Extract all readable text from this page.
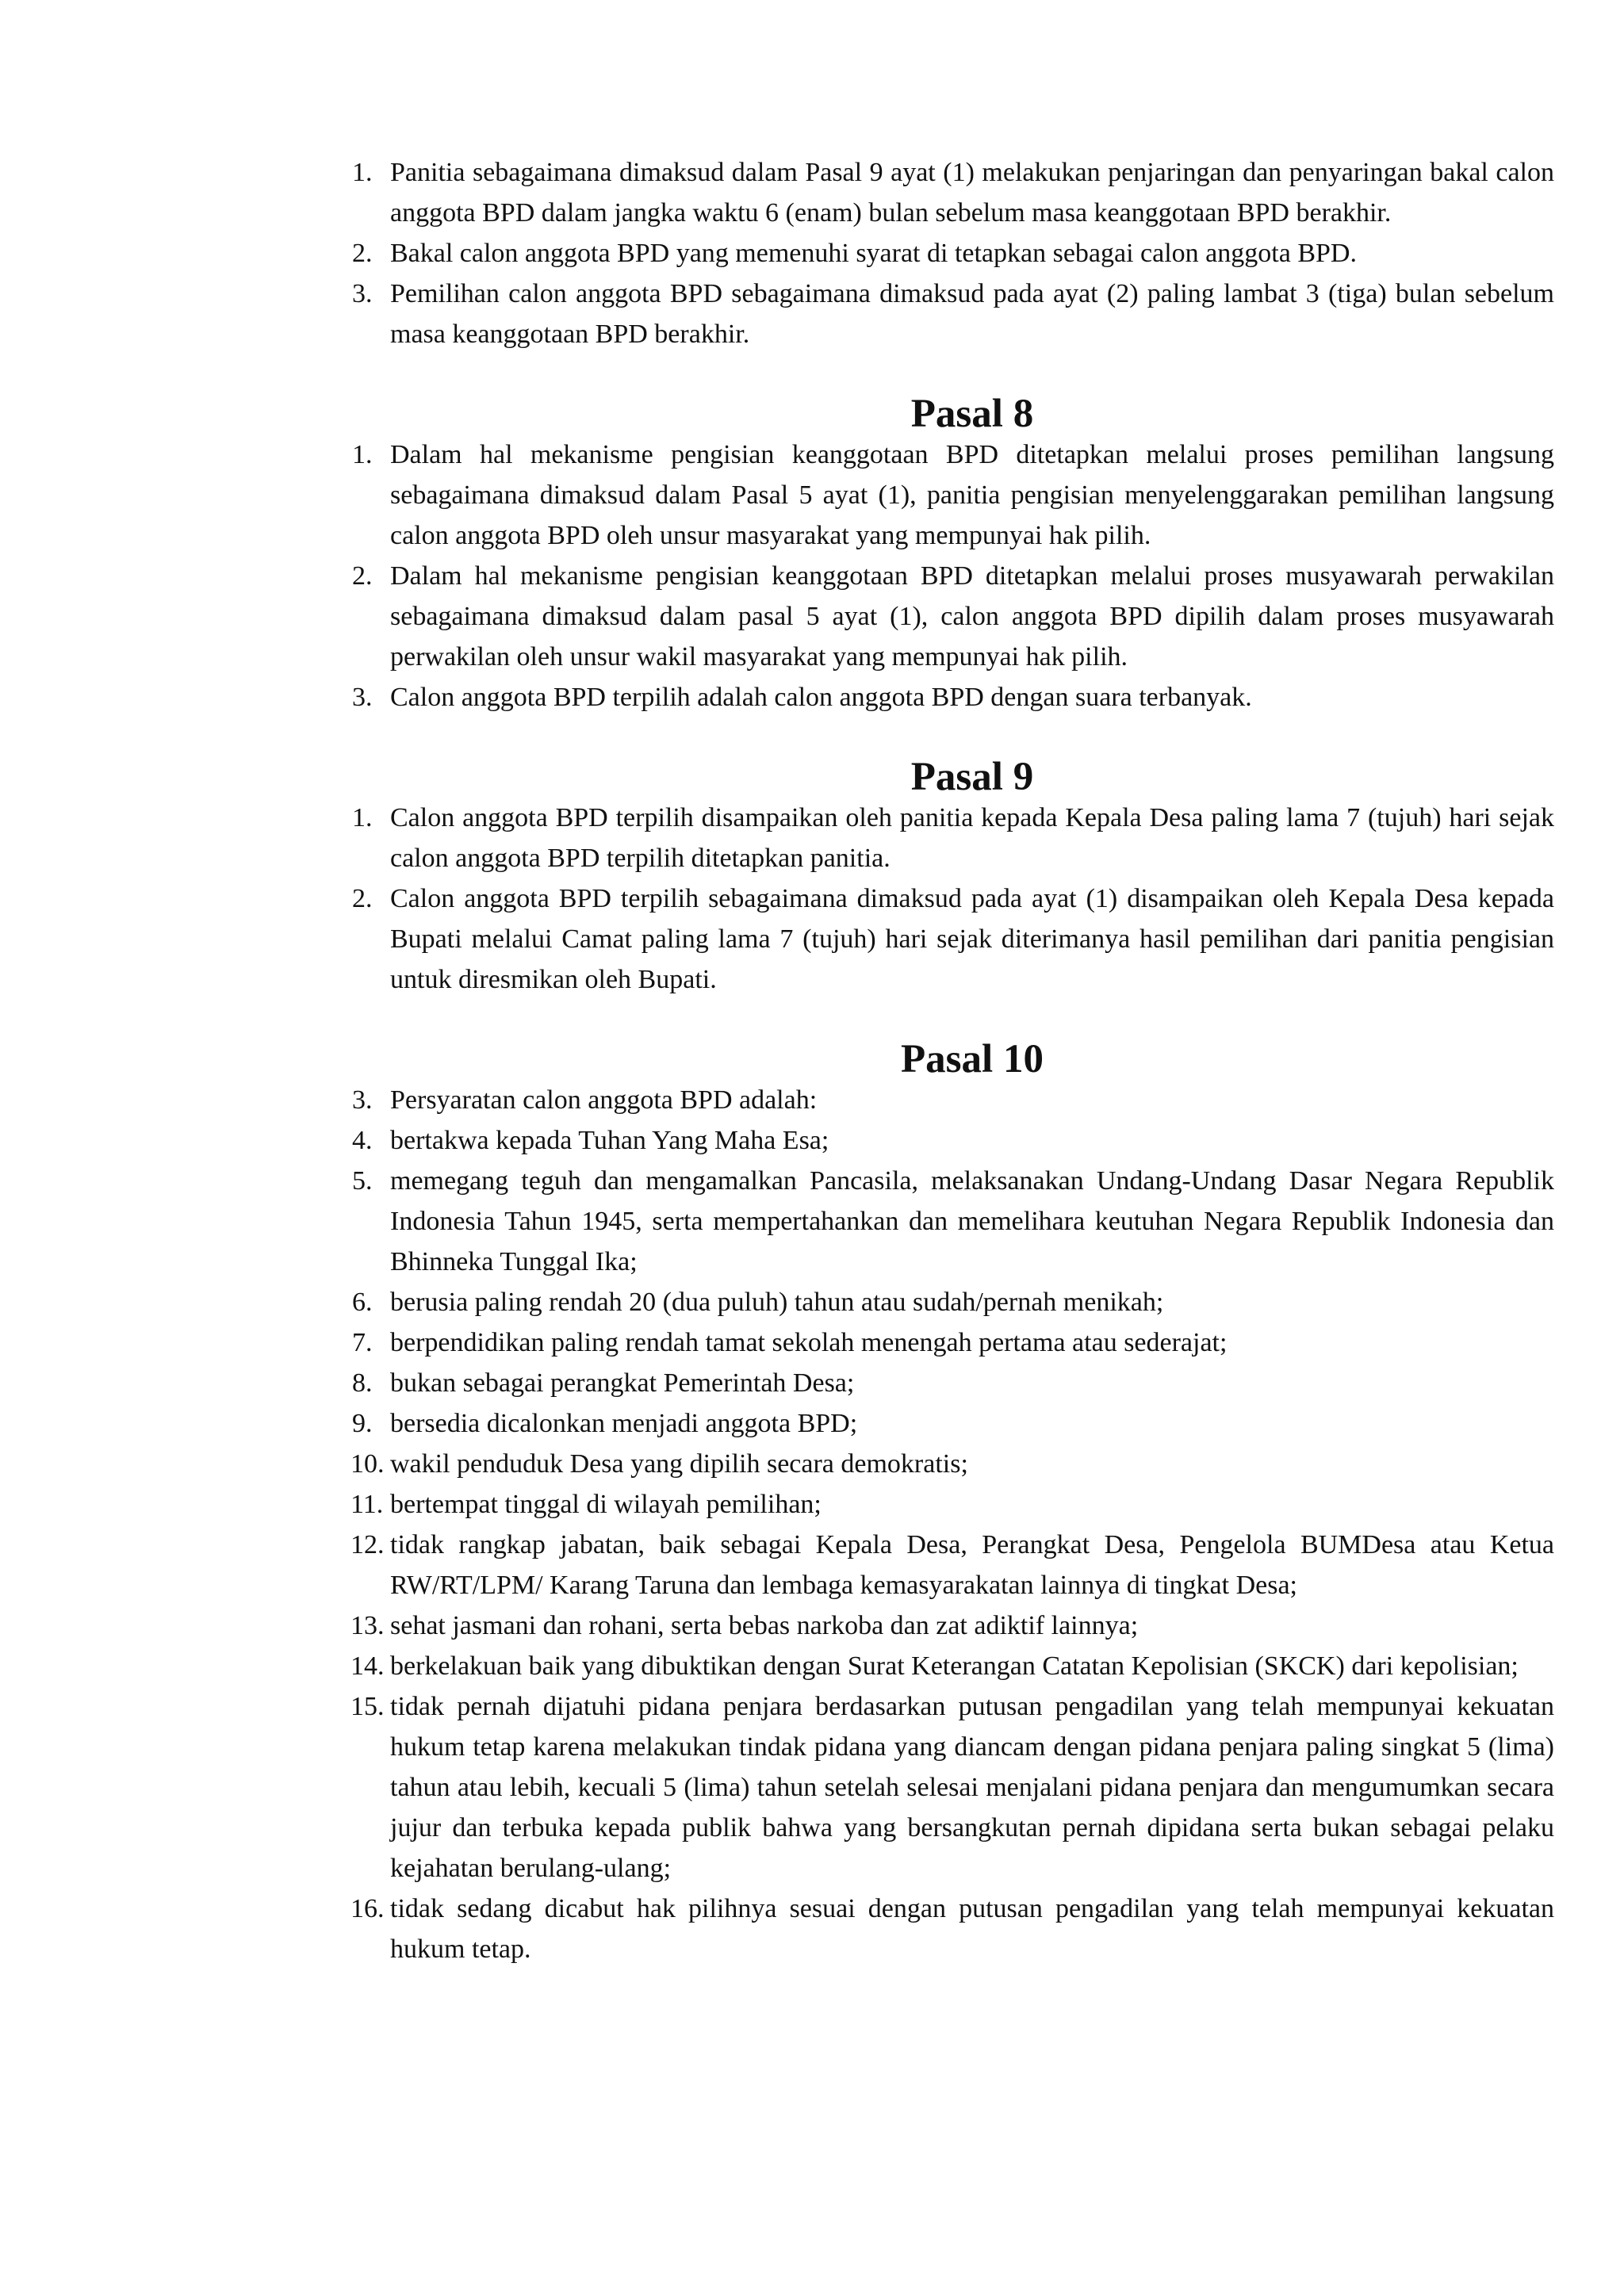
1. Panitia sebagaimana dimaksud dalam Pasal 9 ayat (1) melakukan penjaringan dan penyaringan bakal calon anggota BPD dalam jangka waktu 6 (enam) bulan sebelum masa keanggotaan BPD berakhir.
2. Bakal calon anggota BPD yang memenuhi syarat di tetapkan sebagai calon anggota BPD.
3. Pemilihan calon anggota BPD sebagaimana dimaksud pada ayat (2) paling lambat 3 (tiga) bulan sebelum masa keanggotaan BPD berakhir.
Pasal 8
1. Dalam hal mekanisme pengisian keanggotaan BPD ditetapkan melalui proses pemilihan langsung sebagaimana dimaksud dalam Pasal 5 ayat (1), panitia pengisian menyelenggarakan pemilihan langsung calon anggota BPD oleh unsur masyarakat yang mempunyai hak pilih.
2. Dalam hal mekanisme pengisian keanggotaan BPD ditetapkan melalui proses musyawarah perwakilan sebagaimana dimaksud dalam pasal 5 ayat (1), calon anggota BPD dipilih dalam proses musyawarah perwakilan oleh unsur wakil masyarakat yang mempunyai hak pilih.
3. Calon anggota BPD terpilih adalah calon anggota BPD dengan suara terbanyak.
Pasal 9
1. Calon anggota BPD terpilih disampaikan oleh panitia kepada Kepala Desa paling lama 7 (tujuh) hari sejak calon anggota BPD terpilih ditetapkan panitia.
2. Calon anggota BPD terpilih sebagaimana dimaksud pada ayat (1) disampaikan oleh Kepala Desa kepada Bupati melalui Camat paling lama 7 (tujuh) hari sejak diterimanya hasil pemilihan dari panitia pengisian untuk diresmikan oleh Bupati.
Pasal 10
3. Persyaratan calon anggota BPD adalah:
4. bertakwa kepada Tuhan Yang Maha Esa;
5. memegang teguh dan mengamalkan Pancasila, melaksanakan Undang-Undang Dasar Negara Republik Indonesia Tahun 1945, serta mempertahankan dan memelihara keutuhan Negara Republik Indonesia dan Bhinneka Tunggal Ika;
6. berusia paling rendah 20 (dua puluh) tahun atau sudah/pernah menikah;
7. berpendidikan paling rendah tamat sekolah menengah pertama atau sederajat;
8. bukan sebagai perangkat Pemerintah Desa;
9. bersedia dicalonkan menjadi anggota BPD;
10. wakil penduduk Desa yang dipilih secara demokratis;
11. bertempat tinggal di wilayah pemilihan;
12. tidak rangkap jabatan, baik sebagai Kepala Desa, Perangkat Desa, Pengelola BUMDesa atau Ketua RW/RT/LPM/ Karang Taruna dan lembaga kemasyarakatan lainnya di tingkat Desa;
13. sehat jasmani dan rohani, serta bebas narkoba dan zat adiktif lainnya;
14. berkelakuan baik yang dibuktikan dengan Surat Keterangan Catatan Kepolisian (SKCK) dari kepolisian;
15. tidak pernah dijatuhi pidana penjara berdasarkan putusan pengadilan yang telah mempunyai kekuatan hukum tetap karena melakukan tindak pidana yang diancam dengan pidana penjara paling singkat 5 (lima) tahun atau lebih, kecuali 5 (lima) tahun setelah selesai menjalani pidana penjara dan mengumumkan secara jujur dan terbuka kepada publik bahwa yang bersangkutan pernah dipidana serta bukan sebagai pelaku kejahatan berulang-ulang;
16. tidak sedang dicabut hak pilihnya sesuai dengan putusan pengadilan yang telah mempunyai kekuatan hukum tetap.
